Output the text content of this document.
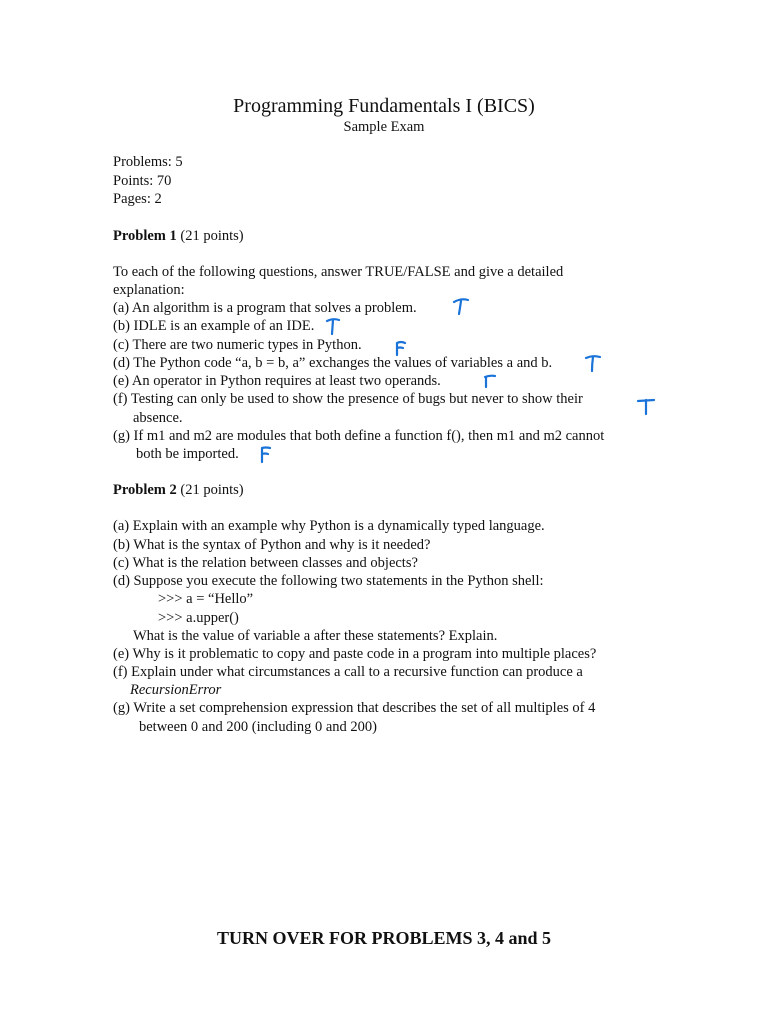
Programming Fundamentals I (BICS)
Sample Exam
Problems: 5
Points: 70
Pages: 2
Problem 1 (21 points)
To each of the following questions, answer TRUE/FALSE and give a detailed
explanation:
(a) An algorithm is a program that solves a problem.
(b) IDLE is an example of an IDE.
(c) There are two numeric types in Python.
(d) The Python code “a, b = b, a” exchanges the values of variables a and b.
(e) An operator in Python requires at least two operands.
(f) Testing can only be used to show the presence of bugs but never to show their
absence.
(g) If m1 and m2 are modules that both define a function f(), then m1 and m2 cannot
both be imported.
Problem 2 (21 points)
(a) Explain with an example why Python is a dynamically typed language.
(b) What is the syntax of Python and why is it needed?
(c) What is the relation between classes and objects?
(d) Suppose you execute the following two statements in the Python shell:
>>> a = “Hello”
>>> a.upper()
What is the value of variable a after these statements? Explain.
(e) Why is it problematic to copy and paste code in a program into multiple places?
(f) Explain under what circumstances a call to a recursive function can produce a
RecursionError
(g) Write a set comprehension expression that describes the set of all multiples of 4
between 0 and 200 (including 0 and 200)
TURN OVER FOR PROBLEMS 3, 4 and 5
